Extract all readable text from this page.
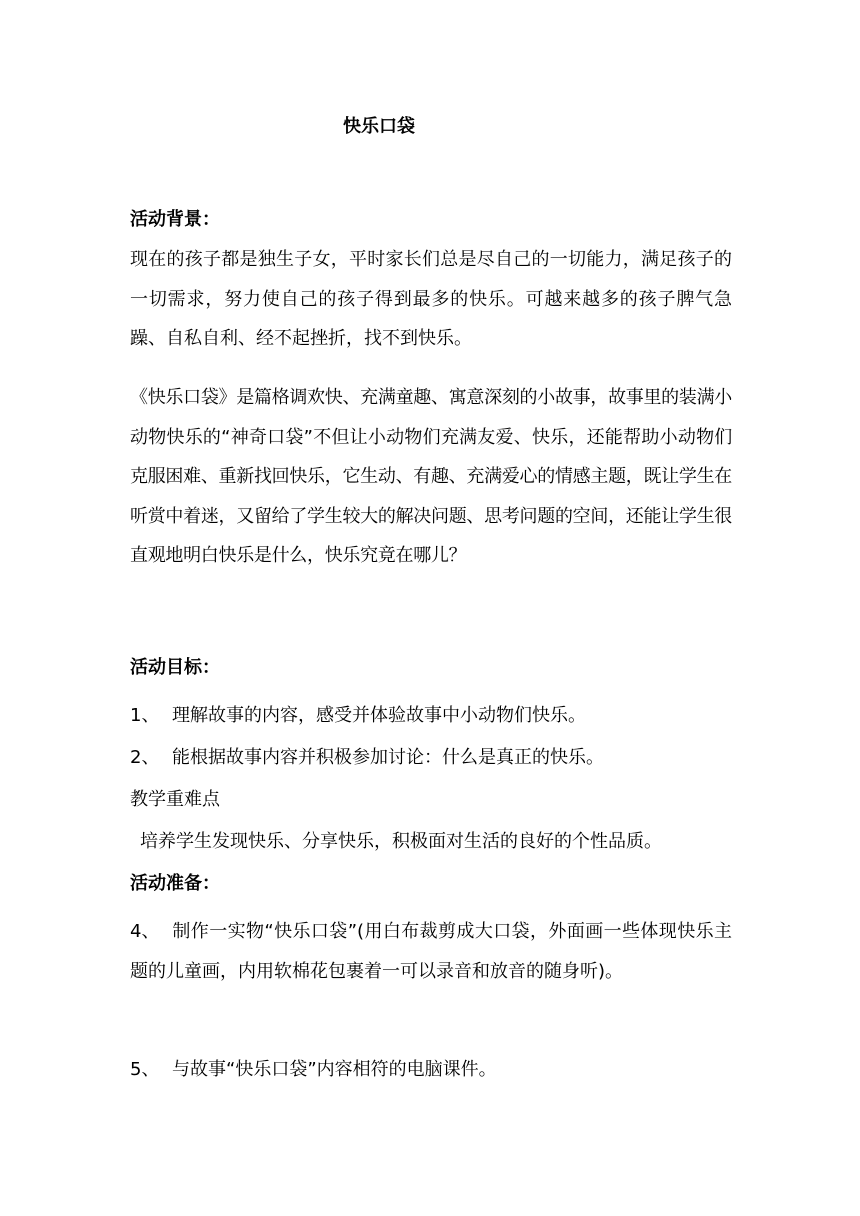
快乐口袋
活动背景：
现在的孩子都是独生子女，平时家长们总是尽自己的一切能力，满足孩子的一切需求，努力使自己的孩子得到最多的快乐。可越来越多的孩子脾气急躁、自私自利、经不起挫折，找不到快乐。
《快乐口袋》是篇格调欢快、充满童趣、寓意深刻的小故事，故事里的装满小动物快乐的“神奇口袋”不但让小动物们充满友爱、快乐，还能帮助小动物们克服困难、重新找回快乐，它生动、有趣、充满爱心的情感主题，既让学生在听赏中着迷，又留给了学生较大的解决问题、思考问题的空间，还能让学生很直观地明白快乐是什么，快乐究竟在哪儿？
活动目标：
1、 理解故事的内容，感受并体验故事中小动物们快乐。
2、 能根据故事内容并积极参加讨论：什么是真正的快乐。
教学重难点
培养学生发现快乐、分享快乐，积极面对生活的良好的个性品质。
活动准备：
4、 制作一实物“快乐口袋”(用白布裁剪成大口袋，外面画一些体现快乐主题的儿童画，内用软棉花包裹着一可以录音和放音的随身听)。
5、 与故事“快乐口袋”内容相符的电脑课件。
